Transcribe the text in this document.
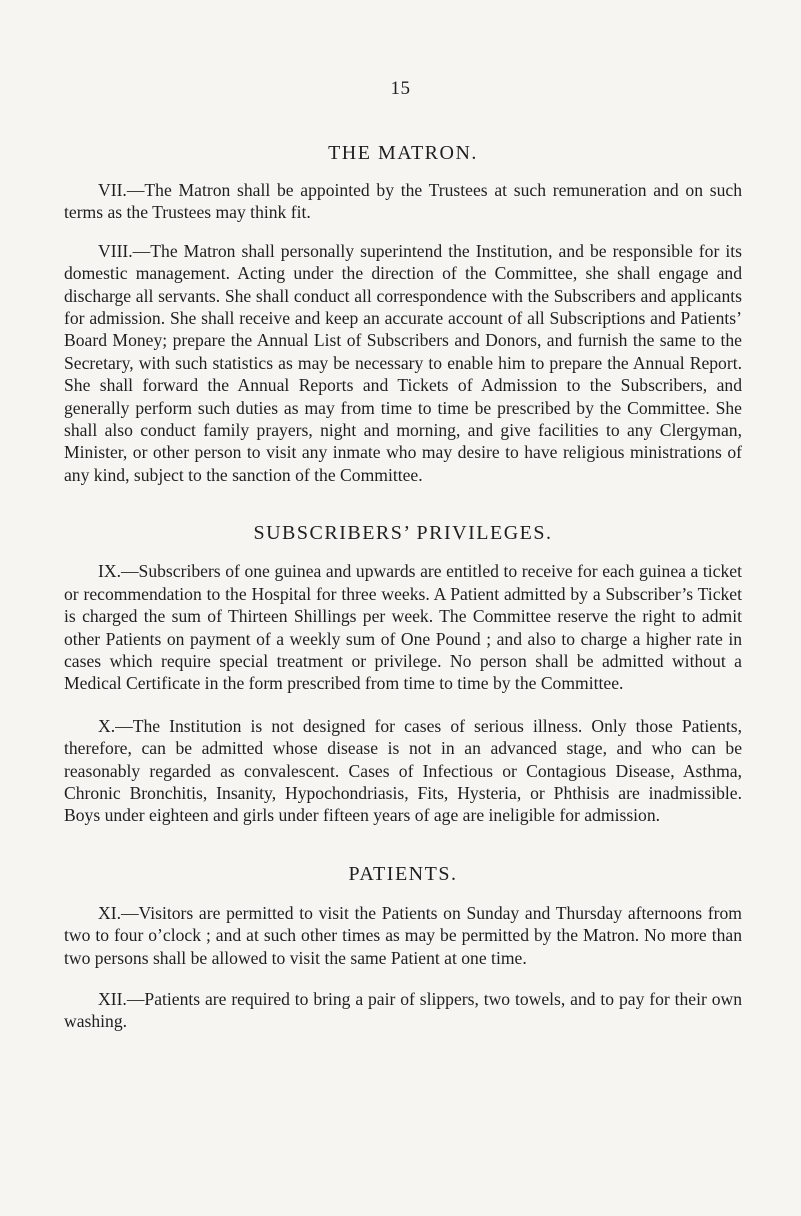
15
THE MATRON.

VII.—The Matron shall be appointed by the Trustees at such remuneration and on such terms as the Trustees may think fit.

VIII.—The Matron shall personally superintend the Institution, and be responsible for its domestic management. Acting under the direction of the Committee, she shall engage and discharge all servants. She shall conduct all correspondence with the Subscribers and applicants for admission. She shall receive and keep an accurate account of all Subscriptions and Patients’ Board Money; prepare the Annual List of Subscribers and Donors, and furnish the same to the Secretary, with such statistics as may be necessary to enable him to prepare the Annual Report. She shall forward the Annual Reports and Tickets of Admission to the Subscribers, and generally perform such duties as may from time to time be prescribed by the Committee. She shall also conduct family prayers, night and morning, and give facilities to any Clergyman, Minister, or other person to visit any inmate who may desire to have religious ministrations of any kind, subject to the sanction of the Committee.

SUBSCRIBERS’ PRIVILEGES.

IX.—Subscribers of one guinea and upwards are entitled to receive for each guinea a ticket or recommendation to the Hospital for three weeks. A Patient admitted by a Subscriber’s Ticket is charged the sum of Thirteen Shillings per week. The Committee reserve the right to admit other Patients on payment of a weekly sum of One Pound ; and also to charge a higher rate in cases which require special treatment or privilege. No person shall be admitted without a Medical Certificate in the form prescribed from time to time by the Committee.

X.—The Institution is not designed for cases of serious illness. Only those Patients, therefore, can be admitted whose disease is not in an advanced stage, and who can be reasonably regarded as convalescent. Cases of Infectious or Contagious Disease, Asthma, Chronic Bronchitis, Insanity, Hypochondriasis, Fits, Hysteria, or Phthisis are inadmissible. Boys under eighteen and girls under fifteen years of age are ineligible for admission.

PATIENTS.

XI.—Visitors are permitted to visit the Patients on Sunday and Thursday afternoons from two to four o’clock ; and at such other times as may be permitted by the Matron. No more than two persons shall be allowed to visit the same Patient at one time.

XII.—Patients are required to bring a pair of slippers, two towels, and to pay for their own washing.
